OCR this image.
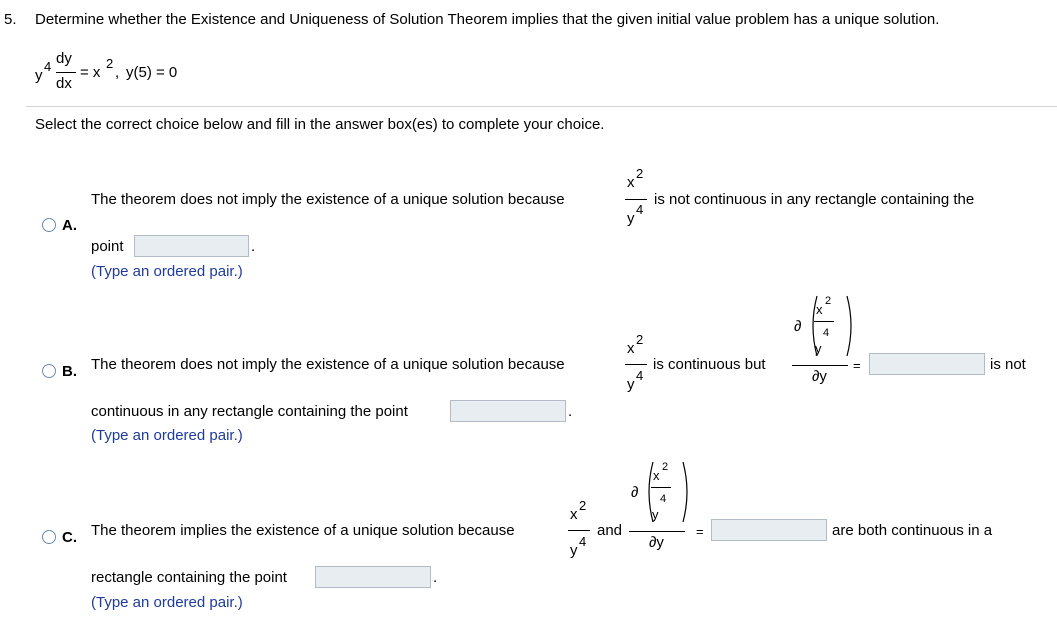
5. Determine whether the Existence and Uniqueness of Solution Theorem implies that the given initial value problem has a unique solution.
y
4 dy
dx
= x
2
, y(5) = 0
Select the correct choice below and fill in the answer box(es) to complete your choice.
A.
The theorem does not imply the existence of a unique solution because
x
2
y
4
is not continuous in any rectangle containing the
point	.
(Type an ordered pair.)
B. The theorem does not imply the existence of a unique solution because
x
2
y
4
is continuous but
∂
x
2
y
4
∂y
=	is not
continuous in any rectangle containing the point	.
(Type an ordered pair.)
C. The theorem implies the existence of a unique solution because
x
2
y
4
and
∂
x
2
y
4
∂y
=	are both continuous in a
rectangle containing the point	.
(Type an ordered pair.)
